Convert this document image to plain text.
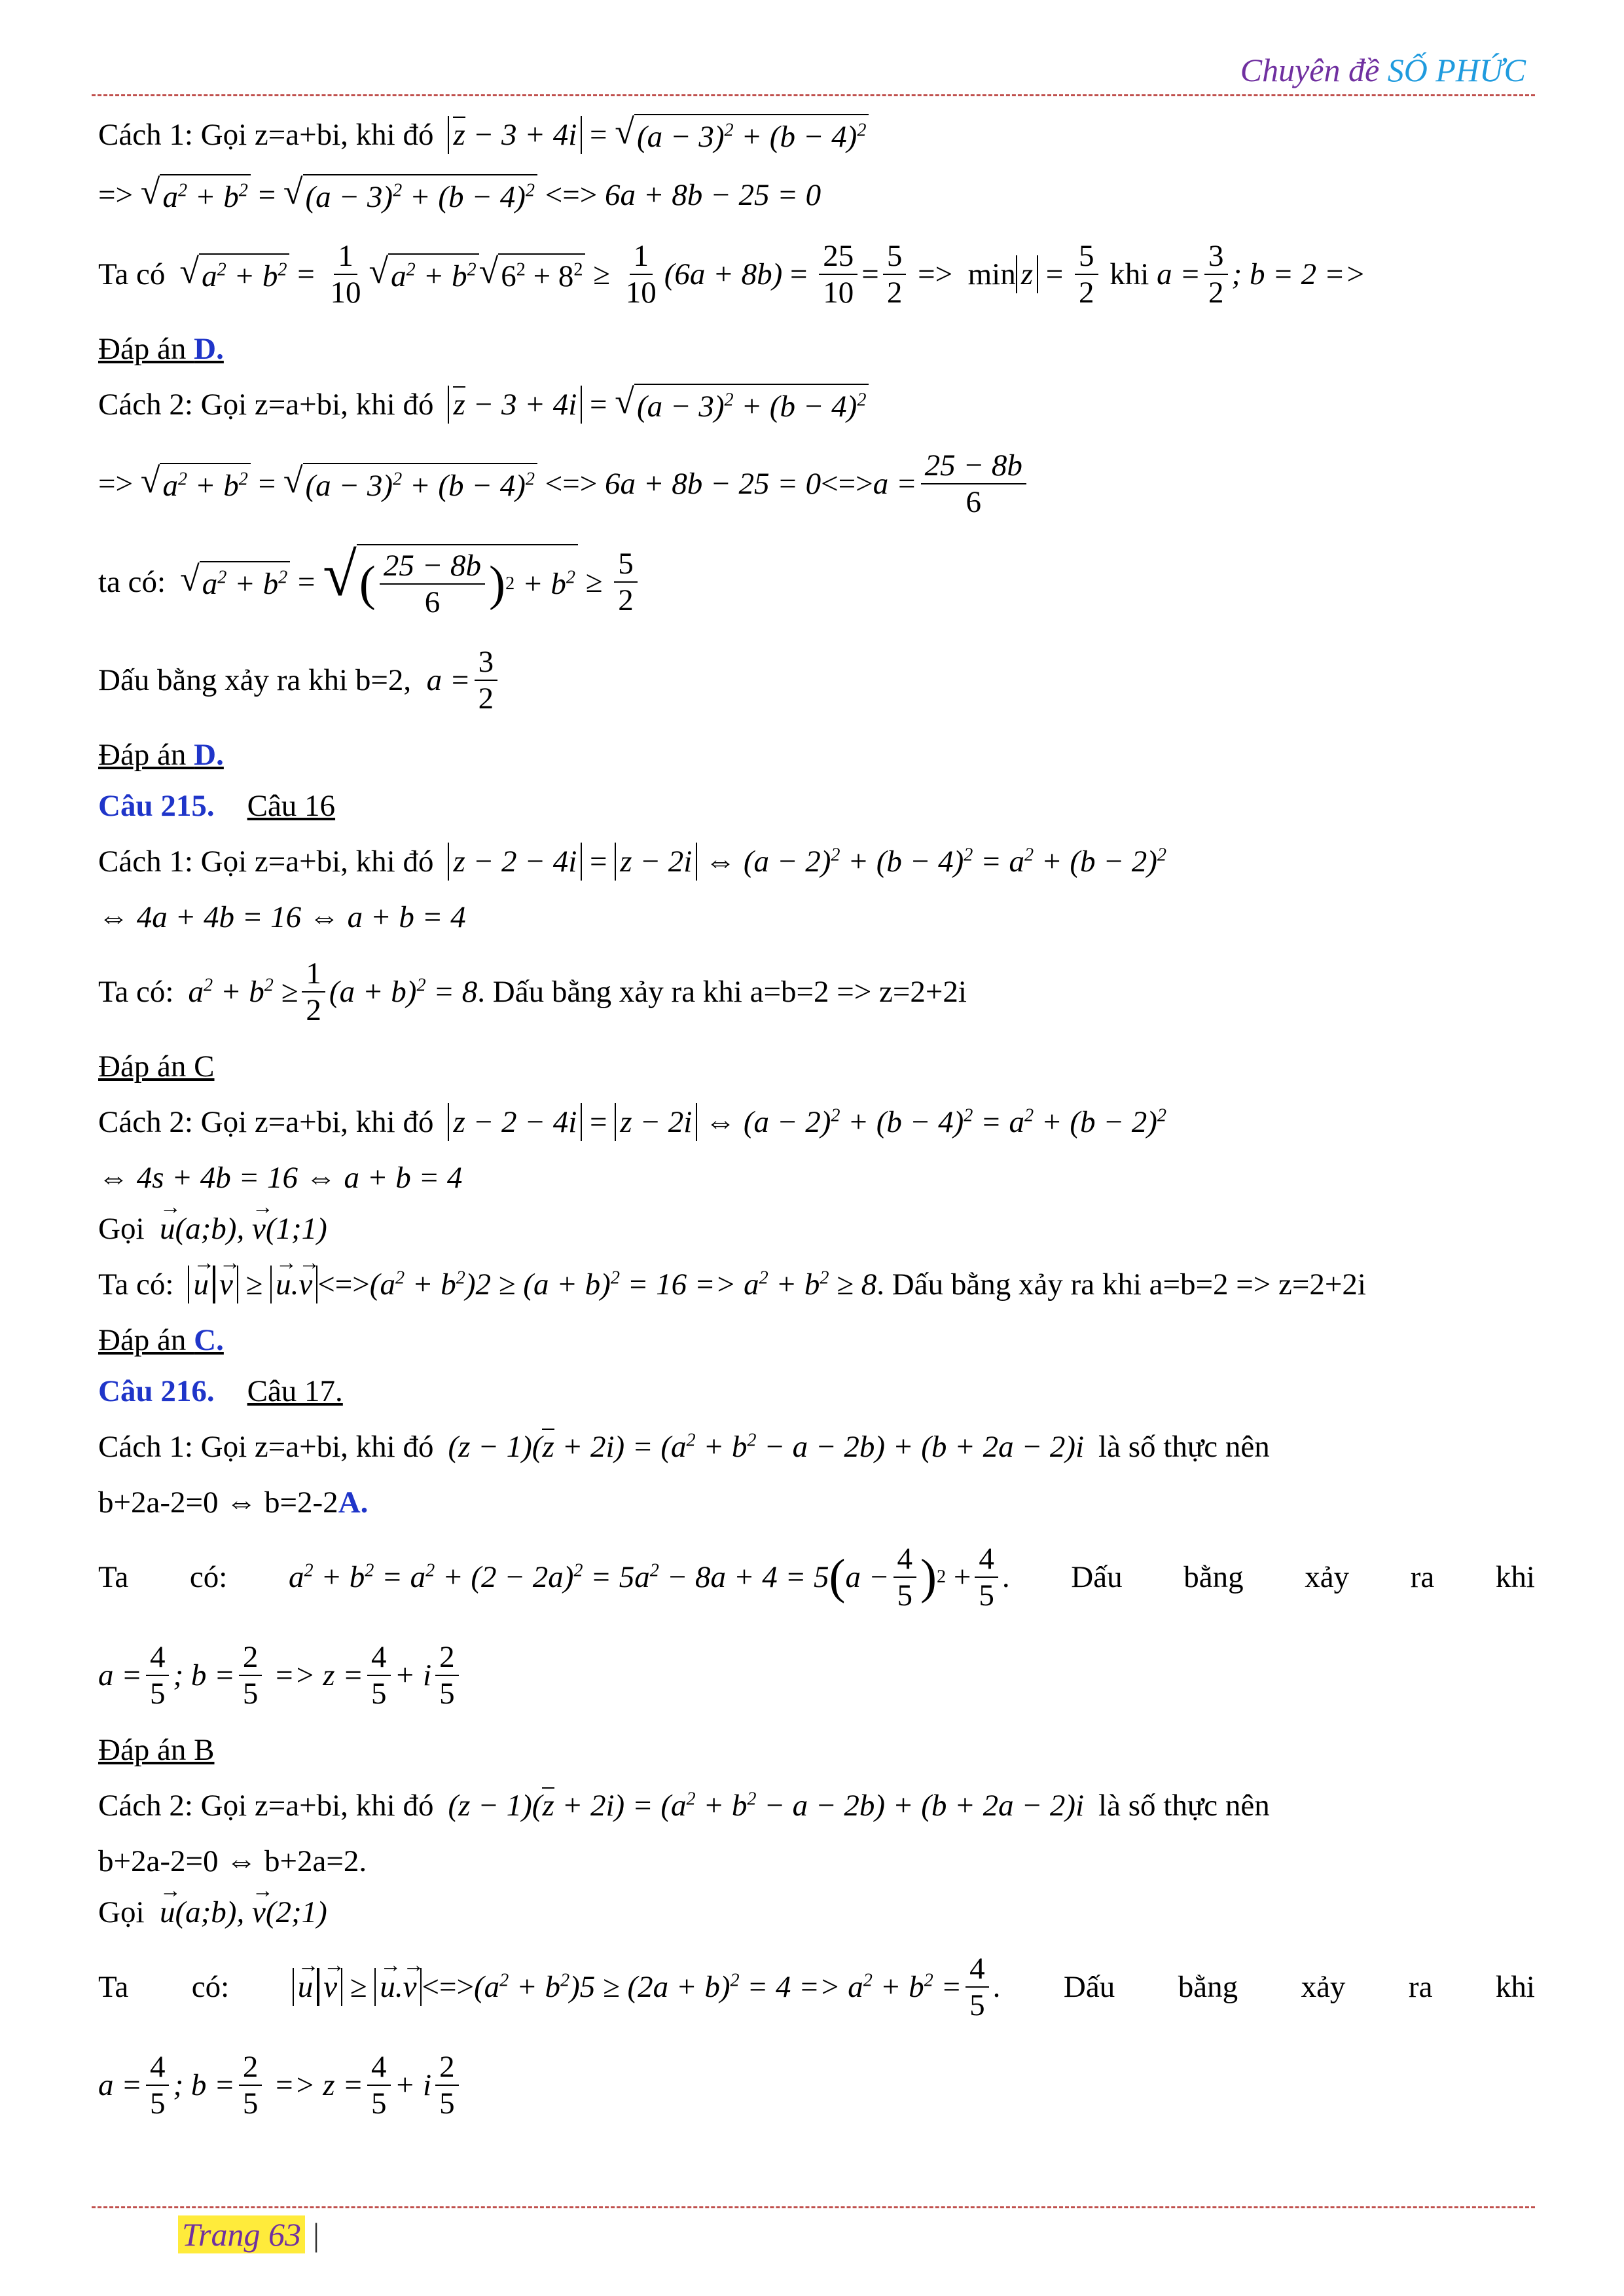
Chuyên đề SỐ PHỨC
Cách 1: Gọi z=a+bi, khi đó z − 3 + 4i = √ $(a - 3)^2 + (b - 4)^2$
=> √ $a^2 + b^2$ = √ $(a - 3)^2 + (b - 4)^2$ <=> 6a + 8b − 25 = 0
Ta có √ $a^2 + b^2 = \frac{1}{10}$ √ $a^2 + b^2$ √ $6^2 + 8^2 \ge \frac{1}{10} (6a + 8b) = \frac{25}{10} = \frac{5}{2} => \min z = \frac{5}{2}$
khi
$a = \frac{3}{2}$ ; b = 2 =>
Đáp án D.
Cách 2: Gọi z=a+bi, khi đó z − 3 + 4i = √ $(a - 3)^2 + (b - 4)^2$
=> √ $a^2 + b^2$ = √ $(a - 3)^2 + (b - 4)^2$ <=> 6a + 8b − 25 = 0 <=> $a = \frac{25 - 8b}{6}$
ta có: √ $a^2 + b^2$ = √ ( $\frac{25 - 8b}{6}$ ) $2 + b^2 \ge \frac{5}{2}$
Dấu bằng xảy ra khi b=2,
$a = \frac{3}{2}$
Đáp án D.
Câu 215. Câu 16
Cách 1: Gọi z=a+bi, khi đó z − 2 − 4i = z − 2i ⇔ $(a - 2)^2 + (b - 4)^2 = a^2 + (b - 2)^2$
⇔ 4a + 4b = 16 ⇔ a + b = 4
Ta có: $a^2 + b^2 \ge \frac{1}{2} (a + b)^2 = 8$ . Dấu bằng xảy ra khi a=b=2 => z=2+2i
Đáp án C
Cách 2: Gọi z=a+bi, khi đó z − 2 − 4i = z − 2i ⇔ $(a - 2)^2 + (b - 4)^2 = a^2 + (b - 2)^2$
⇔ 4s + 4b = 16 ⇔ a + b = 4
Gọi
→ u(a;b), → v(1;1)
Ta có: → u → v ≥ → u.→ v <=> $(a^2 + b^2)2 \ge (a + b)^2 = 16 => a^2 + b^2 \ge 8$ . Dấu bằng xảy ra khi a=b=2 => z=2+2i
Đáp án C.
Câu 216. Câu 17.
Cách 1: Gọi z=a+bi, khi đó $(z - 1)(z + 2i) = (a^2 + b^2 - a - 2b) + (b + 2a - 2)i$ là số thực nên
b+2a-2=0 ⇔ b=2-2 A.
Ta có: $a^2 + b^2 = a^2 + (2 - 2a)^2 = 5a^2 - 8a + 4 = 5$ ( $a - \frac{4}{5}$ ) $2 + \frac{4}{5}$ . Dấu bằng xảy ra khi
$a = \frac{4}{5}$ ; $b = \frac{2}{5} => z = \frac{4}{5} + i \frac{2}{5}$
Đáp án B
Cách 2: Gọi z=a+bi, khi đó $(z - 1)(z + 2i) = (a^2 + b^2 - a - 2b) + (b + 2a - 2)i$ là số thực nên
b+2a-2=0 ⇔ b+2a=2.
Gọi
→ u(a;b), → v(2;1)
Ta có: → u → v ≥ → u.→ v <=> $(a^2 + b^2)5 \ge (2a + b)^2 = 4 => a^2 + b^2 = \frac{4}{5}$ . Dấu bằng xảy ra khi
$a = \frac{4}{5}$ ; $b = \frac{2}{5} => z = \frac{4}{5} + i \frac{2}{5}$
Trang 63 |
